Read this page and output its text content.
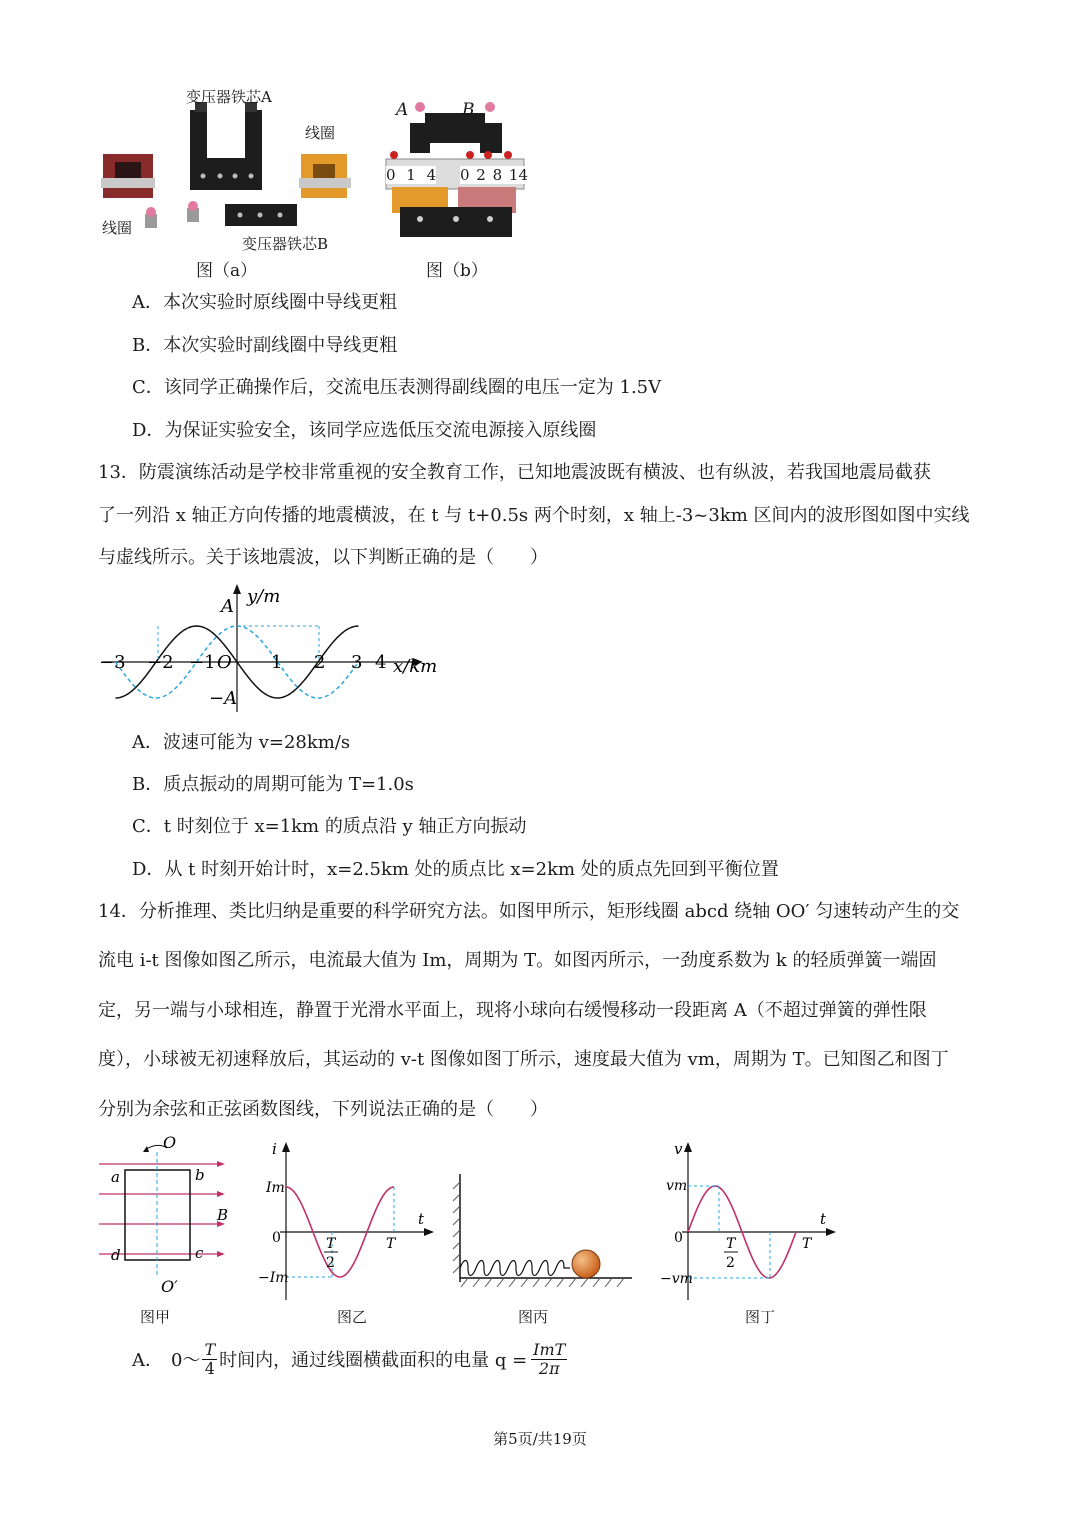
变压器铁芯A
线圈
线圈
变压器铁芯B
图（a）
A	B
0 1 4 0 2 8 14
图（b）
A．本次实验时原线圈中导线更粗
B．本次实验时副线圈中导线更粗
C．该同学正确操作后，交流电压表测得副线圈的电压一定为 1.5V
D．为保证实验安全，该同学应选低压交流电源接入原线圈
13．防震演练活动是学校非常重视的安全教育工作，已知地震波既有横波、也有纵波，若我国地震局截获
了一列沿 x 轴正方向传播的地震横波，在 t 与 t+0.5s 两个时刻，x 轴上-3~3km 区间内的波形图如图中实线
与虚线所示。关于该地震波，以下判断正确的是（　　）
y/m
x/km
A
−A
O
−3 −2 −1	1 2 3 4
A．波速可能为 v=28km/s
B．质点振动的周期可能为 T=1.0s
C．t 时刻位于 x=1km 的质点沿 y 轴正方向振动
D．从 t 时刻开始计时，x=2.5km 处的质点比 x=2km 处的质点先回到平衡位置
14．分析推理、类比归纳是重要的科学研究方法。如图甲所示，矩形线圈 abcd 绕轴 OO′ 匀速转动产生的交
流电 i-t 图像如图乙所示，电流最大值为 Im，周期为 T。如图丙所示，一劲度系数为 k 的轻质弹簧一端固
定，另一端与小球相连，静置于光滑水平面上，现将小球向右缓慢移动一段距离 A（不超过弹簧的弹性限
度），小球被无初速释放后，其运动的 v-t 图像如图丁所示，速度最大值为 vm，周期为 T。已知图乙和图丁
分别为余弦和正弦函数图线，下列说法正确的是（　　）
O
O′
a	b
c
d
B
图甲
i
t
Im
−Im
0	T
2
T
图乙	图丙
v
t
vm
−vm
0	T
2
T
图丁
A． 0～
T
4 时间内，通过线圈横截面积的电量 q =
ImT
2π
第5页/共19页
